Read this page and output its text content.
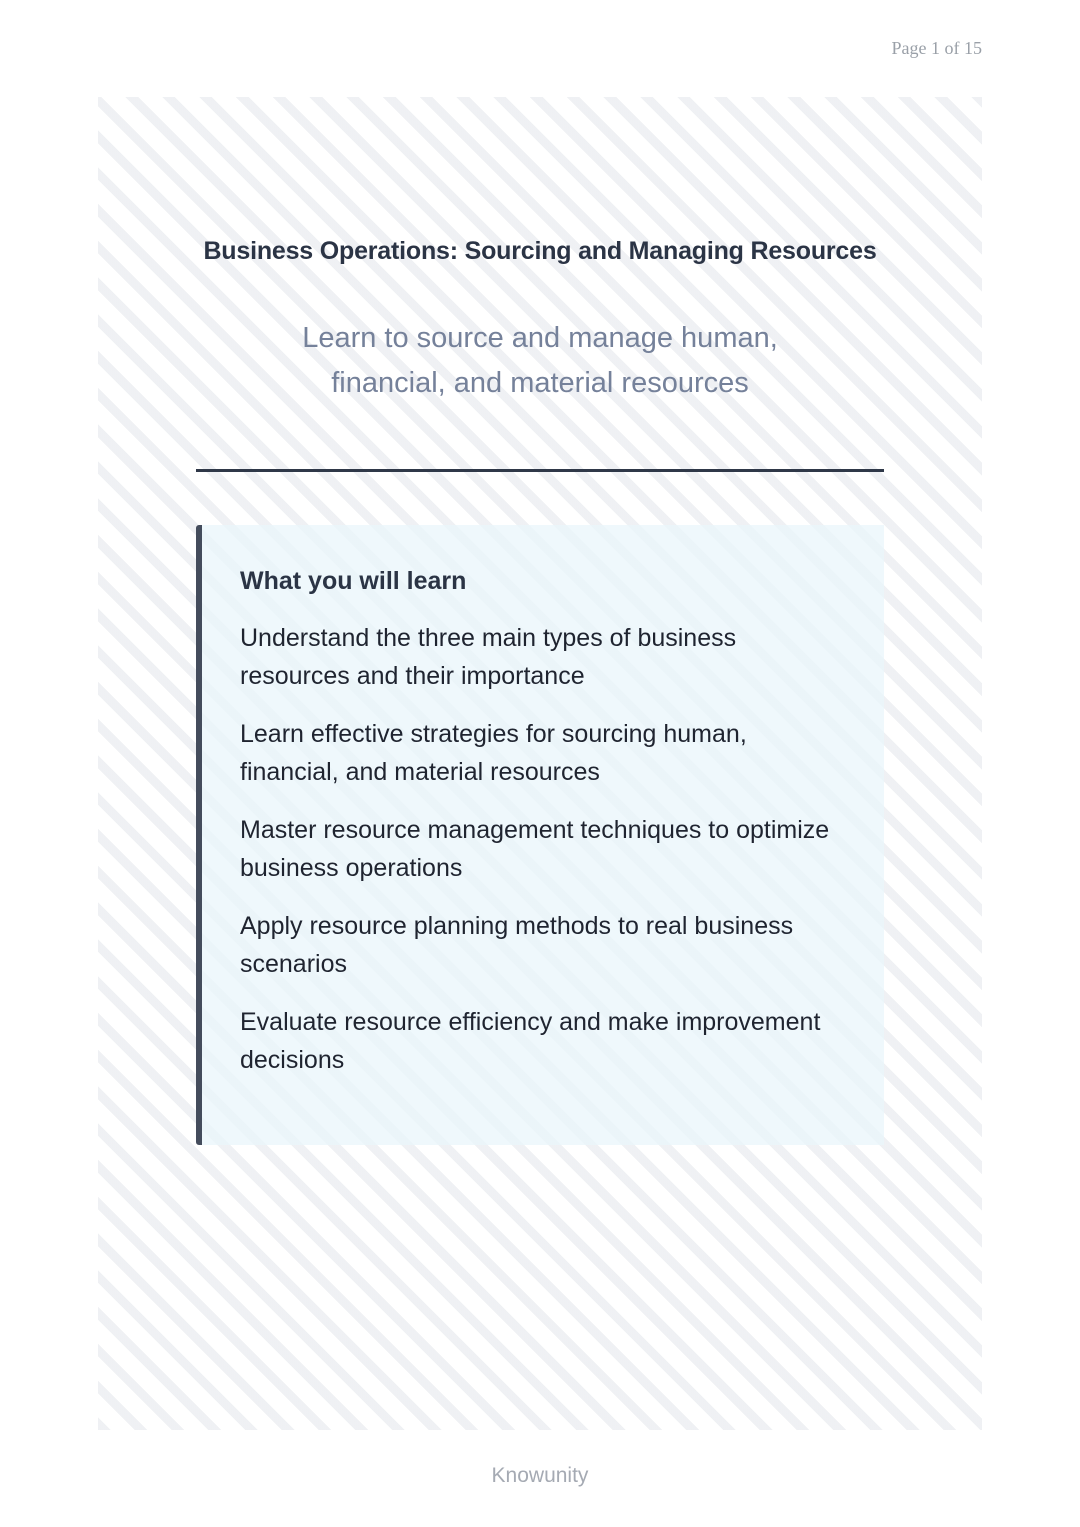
Page 1 of 15
Business Operations: Sourcing and Managing Resources
Learn to source and manage human, financial, and material resources
What you will learn
Understand the three main types of business resources and their importance
Learn effective strategies for sourcing human, financial, and material resources
Master resource management techniques to optimize business operations
Apply resource planning methods to real business scenarios
Evaluate resource efficiency and make improvement decisions
Knowunity
